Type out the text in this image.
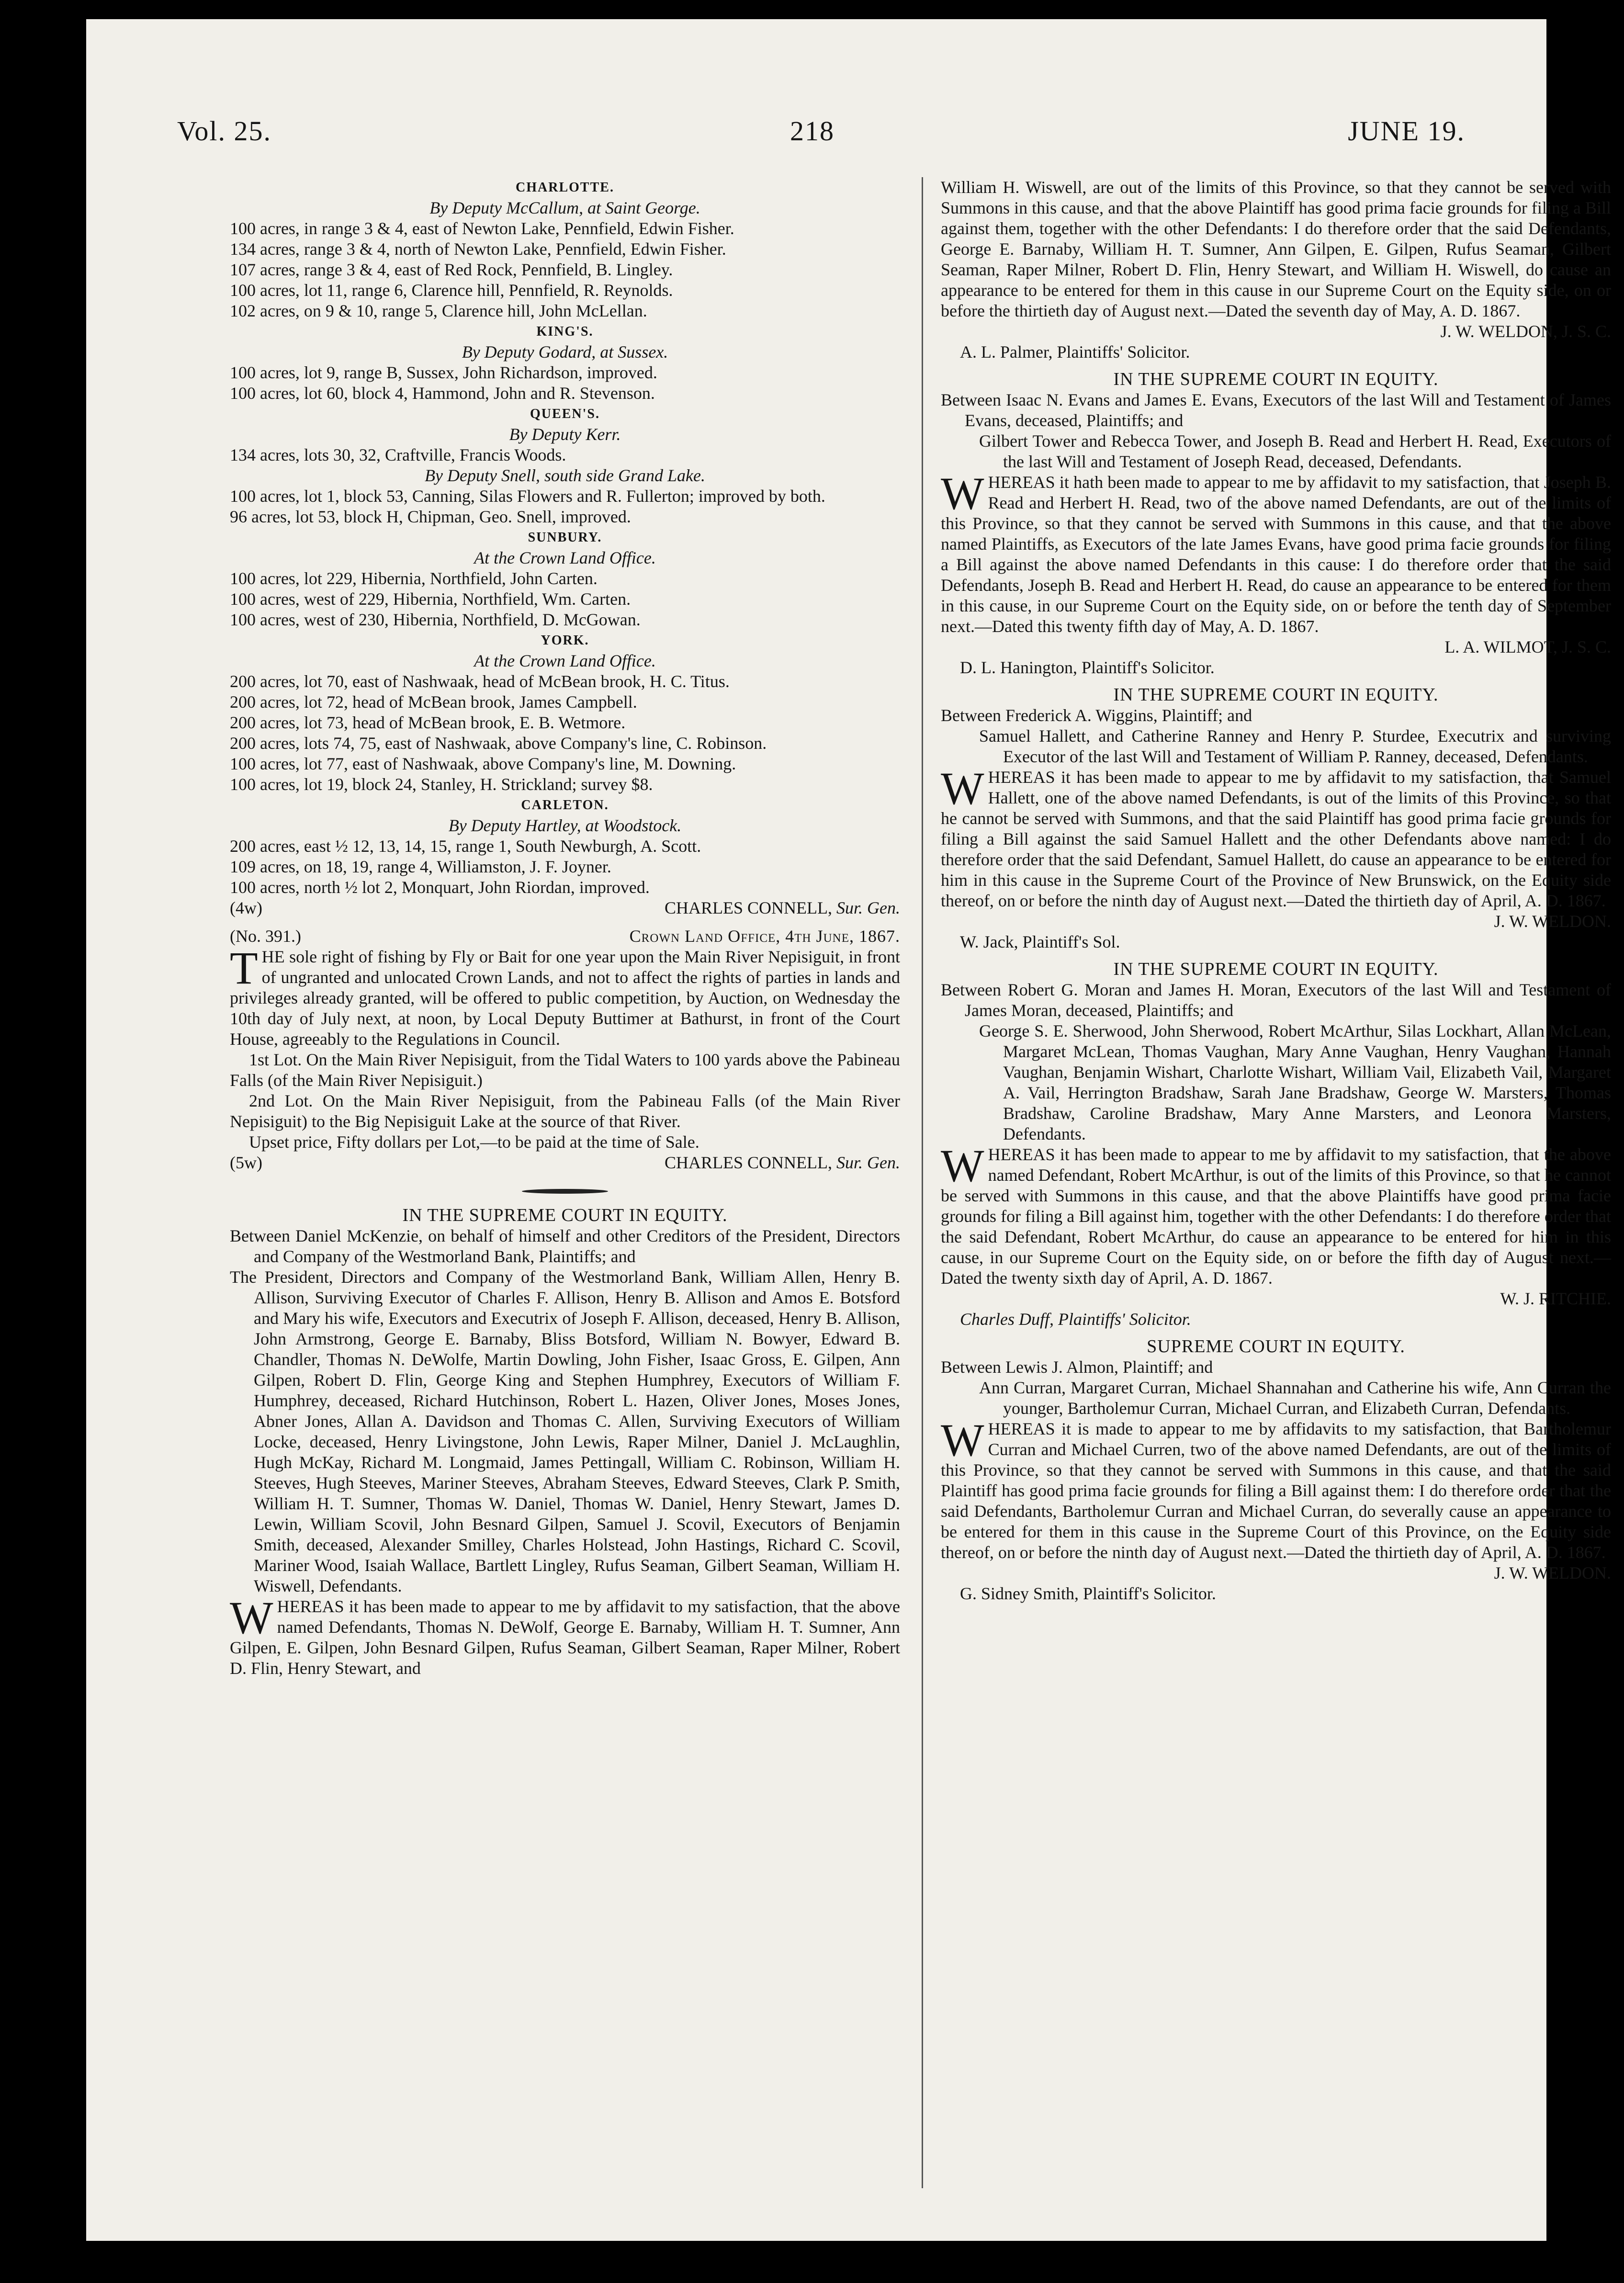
Vol. 25.	218	JUNE 19.

CHARLOTTE.

By Deputy McCallum, at Saint George.

100 acres, in range 3 & 4, east of Newton Lake, Pennfield, Edwin Fisher.

134 acres, range 3 & 4, north of Newton Lake, Pennfield, Edwin Fisher.

107 acres, range 3 & 4, east of Red Rock, Pennfield, B. Lingley.

100 acres, lot 11, range 6, Clarence hill, Pennfield, R. Reynolds.

102 acres, on 9 & 10, range 5, Clarence hill, John McLellan.

KING'S.

By Deputy Godard, at Sussex.

100 acres, lot 9, range B, Sussex, John Richardson, improved.

100 acres, lot 60, block 4, Hammond, John and R. Stevenson.

QUEEN'S.

By Deputy Kerr.

134 acres, lots 30, 32, Craftville, Francis Woods.

By Deputy Snell, south side Grand Lake.

100 acres, lot 1, block 53, Canning, Silas Flowers and R. Fullerton; improved by both.

96 acres, lot 53, block H, Chipman, Geo. Snell, improved.

SUNBURY.

At the Crown Land Office.

100 acres, lot 229, Hibernia, Northfield, John Carten.

100 acres, west of 229, Hibernia, Northfield, Wm. Carten.

100 acres, west of 230, Hibernia, Northfield, D. McGowan.

YORK.

At the Crown Land Office.

200 acres, lot 70, east of Nashwaak, head of McBean brook, H. C. Titus.

200 acres, lot 72, head of McBean brook, James Campbell.

200 acres, lot 73, head of McBean brook, E. B. Wetmore.

200 acres, lots 74, 75, east of Nashwaak, above Company's line, C. Robinson.

100 acres, lot 77, east of Nashwaak, above Company's line, M. Downing.

100 acres, lot 19, block 24, Stanley, H. Strickland; survey $8.

CARLETON.

By Deputy Hartley, at Woodstock.

200 acres, east ½ 12, 13, 14, 15, range 1, South Newburgh, A. Scott.

109 acres, on 18, 19, range 4, Williamston, J. F. Joyner.

100 acres, north ½ lot 2, Monquart, John Riordan, improved.

(4w)	CHARLES CONNELL, Sur. Gen.
(No. 391.)	Crown Land Office, 4th June, 1867.

THE sole right of fishing by Fly or Bait for one year upon the Main River Nepisiguit, in front of ungranted and unlocated Crown Lands, and not to affect the rights of parties in lands and privileges already granted, will be offered to public competition, by Auction, on Wednesday the 10th day of July next, at noon, by Local Deputy Buttimer at Bathurst, in front of the Court House, agreeably to the Regulations in Council.

1st Lot. On the Main River Nepisiguit, from the Tidal Waters to 100 yards above the Pabineau Falls (of the Main River Nepisiguit.)

2nd Lot. On the Main River Nepisiguit, from the Pabineau Falls (of the Main River Nepisiguit) to the Big Nepisiguit Lake at the source of that River.

Upset price, Fifty dollars per Lot,—to be paid at the time of Sale.

(5w)	CHARLES CONNELL, Sur. Gen.

IN THE SUPREME COURT IN EQUITY.

Between Daniel McKenzie, on behalf of himself and other Creditors of the President, Directors and Company of the Westmorland Bank, Plaintiffs; and

The President, Directors and Company of the Westmorland Bank, William Allen, Henry B. Allison, Surviving Executor of Charles F. Allison, Henry B. Allison and Amos E. Botsford and Mary his wife, Executors and Executrix of Joseph F. Allison, deceased, Henry B. Allison, John Armstrong, George E. Barnaby, Bliss Botsford, William N. Bowyer, Edward B. Chandler, Thomas N. DeWolfe, Martin Dowling, John Fisher, Isaac Gross, E. Gilpen, Ann Gilpen, Robert D. Flin, George King and Stephen Humphrey, Executors of William F. Humphrey, deceased, Richard Hutchinson, Robert L. Hazen, Oliver Jones, Moses Jones, Abner Jones, Allan A. Davidson and Thomas C. Allen, Surviving Executors of William Locke, deceased, Henry Livingstone, John Lewis, Raper Milner, Daniel J. McLaughlin, Hugh McKay, Richard M. Longmaid, James Pettingall, William C. Robinson, William H. Steeves, Hugh Steeves, Mariner Steeves, Abraham Steeves, Edward Steeves, Clark P. Smith, William H. T. Sumner, Thomas W. Daniel, Thomas W. Daniel, Henry Stewart, James D. Lewin, William Scovil, John Besnard Gilpen, Samuel J. Scovil, Executors of Benjamin Smith, deceased, Alexander Smilley, Charles Holstead, John Hastings, Richard C. Scovil, Mariner Wood, Isaiah Wallace, Bartlett Lingley, Rufus Seaman, Gilbert Seaman, William H. Wiswell, Defendants.

WHEREAS it has been made to appear to me by affidavit to my satisfaction, that the above named Defendants, Thomas N. DeWolf, George E. Barnaby, William H. T. Sumner, Ann Gilpen, E. Gilpen, John Besnard Gilpen, Rufus Seaman, Gilbert Seaman, Raper Milner, Robert D. Flin, Henry Stewart, and

William H. Wiswell, are out of the limits of this Province, so that they cannot be served with Summons in this cause, and that the above Plaintiff has good prima facie grounds for filing a Bill against them, together with the other Defendants: I do therefore order that the said Defendants, George E. Barnaby, William H. T. Sumner, Ann Gilpen, E. Gilpen, Rufus Seaman, Gilbert Seaman, Raper Milner, Robert D. Flin, Henry Stewart, and William H. Wiswell, do cause an appearance to be entered for them in this cause in our Supreme Court on the Equity side, on or before the thirtieth day of August next.—Dated the seventh day of May, A. D. 1867.

J. W. WELDON, J. S. C.

A. L. Palmer, Plaintiffs' Solicitor.

IN THE SUPREME COURT IN EQUITY.

Between Isaac N. Evans and James E. Evans, Executors of the last Will and Testament of James Evans, deceased, Plaintiffs; and

Gilbert Tower and Rebecca Tower, and Joseph B. Read and Herbert H. Read, Executors of the last Will and Testament of Joseph Read, deceased, Defendants.

WHEREAS it hath been made to appear to me by affidavit to my satisfaction, that Joseph B. Read and Herbert H. Read, two of the above named Defendants, are out of the limits of this Province, so that they cannot be served with Summons in this cause, and that the above named Plaintiffs, as Executors of the late James Evans, have good prima facie grounds for filing a Bill against the above named Defendants in this cause: I do therefore order that the said Defendants, Joseph B. Read and Herbert H. Read, do cause an appearance to be entered for them in this cause, in our Supreme Court on the Equity side, on or before the tenth day of September next.—Dated this twenty fifth day of May, A. D. 1867.

L. A. WILMOT, J. S. C.

D. L. Hanington, Plaintiff's Solicitor.

IN THE SUPREME COURT IN EQUITY.

Between Frederick A. Wiggins, Plaintiff; and

Samuel Hallett, and Catherine Ranney and Henry P. Sturdee, Executrix and surviving Executor of the last Will and Testament of William P. Ranney, deceased, Defendants.

WHEREAS it has been made to appear to me by affidavit to my satisfaction, that Samuel Hallett, one of the above named Defendants, is out of the limits of this Province, so that he cannot be served with Summons, and that the said Plaintiff has good prima facie grounds for filing a Bill against the said Samuel Hallett and the other Defendants above named: I do therefore order that the said Defendant, Samuel Hallett, do cause an appearance to be entered for him in this cause in the Supreme Court of the Province of New Brunswick, on the Equity side thereof, on or before the ninth day of August next.—Dated the thirtieth day of April, A. D. 1867.

J. W. WELDON.

W. Jack, Plaintiff's Sol.

IN THE SUPREME COURT IN EQUITY.

Between Robert G. Moran and James H. Moran, Executors of the last Will and Testament of James Moran, deceased, Plaintiffs; and

George S. E. Sherwood, John Sherwood, Robert McArthur, Silas Lockhart, Allan McLean, Margaret McLean, Thomas Vaughan, Mary Anne Vaughan, Henry Vaughan, Hannah Vaughan, Benjamin Wishart, Charlotte Wishart, William Vail, Elizabeth Vail, Margaret A. Vail, Herrington Bradshaw, Sarah Jane Bradshaw, George W. Marsters, Thomas Bradshaw, Caroline Bradshaw, Mary Anne Marsters, and Leonora Marsters, Defendants.

WHEREAS it has been made to appear to me by affidavit to my satisfaction, that the above named Defendant, Robert McArthur, is out of the limits of this Province, so that he cannot be served with Summons in this cause, and that the above Plaintiffs have good prima facie grounds for filing a Bill against him, together with the other Defendants: I do therefore order that the said Defendant, Robert McArthur, do cause an appearance to be entered for him in this cause, in our Supreme Court on the Equity side, on or before the fifth day of August next.—Dated the twenty sixth day of April, A. D. 1867.

W. J. RITCHIE.

Charles Duff, Plaintiffs' Solicitor.

SUPREME COURT IN EQUITY.

Between Lewis J. Almon, Plaintiff; and

Ann Curran, Margaret Curran, Michael Shannahan and Catherine his wife, Ann Curran the younger, Bartholemur Curran, Michael Curran, and Elizabeth Curran, Defendants.

WHEREAS it is made to appear to me by affidavits to my satisfaction, that Bartholemur Curran and Michael Curren, two of the above named Defendants, are out of the limits of this Province, so that they cannot be served with Summons in this cause, and that the said Plaintiff has good prima facie grounds for filing a Bill against them: I do therefore order that the said Defendants, Bartholemur Curran and Michael Curran, do severally cause an appearance to be entered for them in this cause in the Supreme Court of this Province, on the Equity side thereof, on or before the ninth day of August next.—Dated the thirtieth day of April, A. D. 1867.

J. W. WELDON.

G. Sidney Smith, Plaintiff's Solicitor.
